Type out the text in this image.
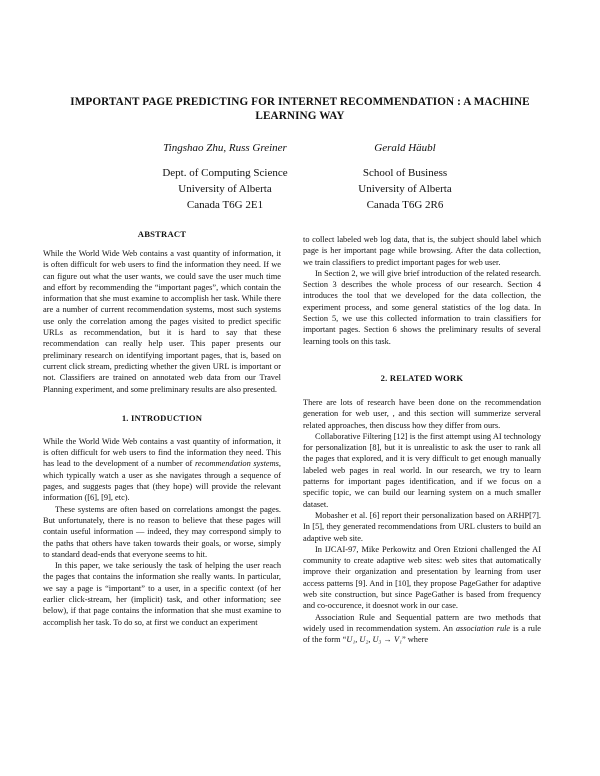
IMPORTANT PAGE PREDICTING FOR INTERNET RECOMMENDATION : A MACHINE LEARNING WAY
Tingshao Zhu, Russ Greiner
Dept. of Computing Science
University of Alberta
Canada T6G 2E1
Gerald Häubl
School of Business
University of Alberta
Canada T6G 2R6
ABSTRACT

While the World Wide Web contains a vast quantity of information, it is often difficult for web users to find the information they need. If we can figure out what the user wants, we could save the user much time and effort by recommending the “important pages”, which contain the information that she must examine to accomplish her task. While there are a number of current recommendation systems, most such systems use only the correlation among the pages visited to predict specific URLs as recommendation, but it is hard to say that these recommendation can really help user. This paper presents our preliminary research on identifying important pages, that is, based on current click stream, predicting whether the given URL is important or not. Classifiers are trained on annotated web data from our Travel Planning experiment, and some preliminary results are also presented.

1. INTRODUCTION

While the World Wide Web contains a vast quantity of information, it is often difficult for web users to find the information they need. This has lead to the development of a number of recommendation systems, which typically watch a user as she navigates through a sequence of pages, and suggests pages that (they hope) will provide the relevant information ([6], [9], etc).

These systems are often based on correlations amongst the pages. But unfortunately, there is no reason to believe that these pages will contain useful information — indeed, they may correspond simply to the paths that others have taken towards their goals, or worse, simply to standard dead-ends that everyone seems to hit.

In this paper, we take seriously the task of helping the user reach the pages that contains the information she really wants. In particular, we say a page is “important” to a user, in a specific context (of her earlier click-stream, her (implicit) task, and other information; see below), if that page contains the information that she must examine to accomplish her task. To do so, at first we conduct an experiment

to collect labeled web log data, that is, the subject should label which page is her important page while browsing. After the data collection, we train classifiers to predict important pages for web user.

In Section 2, we will give brief introduction of the related research. Section 3 describes the whole process of our research. Section 4 introduces the tool that we developed for the data collection, the experiment process, and some general statistics of the log data. In Section 5, we use this collected information to train classifiers for important pages. Section 6 shows the preliminary results of several learning tools on this task.

2. RELATED WORK

There are lots of research have been done on the recommendation generation for web user, , and this section will summerize serveral related approaches, then discuss how they differ from ours.

Collaborative Filtering [12] is the first attempt using AI technology for personalization [8], but it is unrealistic to ask the user to rank all the pages that explored, and it is very difficult to get enough manually labeled web pages in real world. In our research, we try to learn patterns for important pages identification, and if we focus on a specific topic, we can build our learning system on a much smaller dataset.

Mobasher et al. [6] report their personalization based on ARHP[7]. In [5], they generated recommendations from URL clusters to build an adaptive web site.

In IJCAI-97, Mike Perkowitz and Oren Etzioni challenged the AI community to create adaptive web sites: web sites that automatically improve their organization and presentation by learning from user access patterns [9]. And in [10], they propose PageGather for adaptive web site construction, but since PageGather is based from frequency and co-occurence, it doesnot work in our case.

Association Rule and Sequential pattern are two methods that widely used in recommendation system. An association rule is a rule of the form “U₁, U₂, U₃ → V₁” where
